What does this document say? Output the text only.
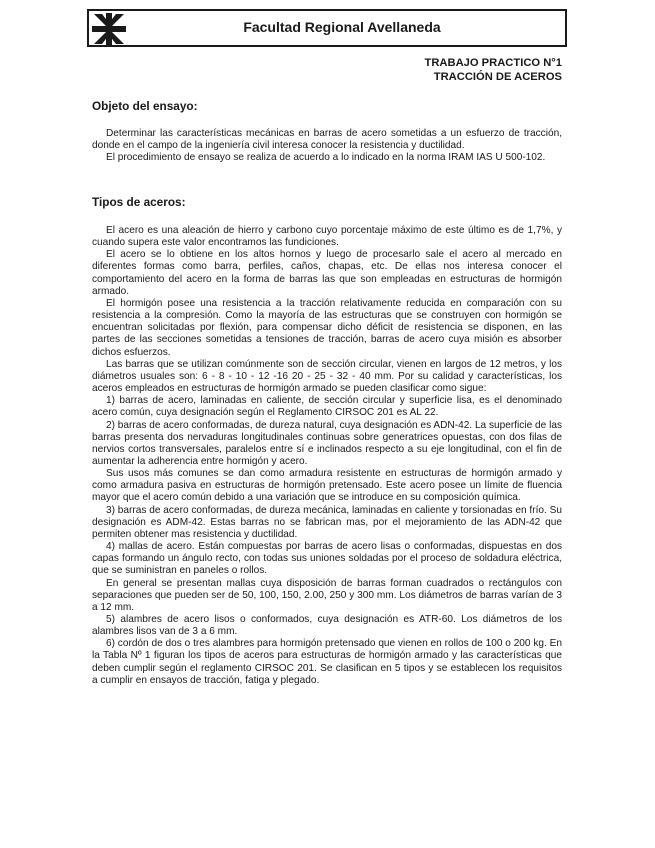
Facultad Regional Avellaneda
TRABAJO PRACTICO N°1
TRACCIÓN DE ACEROS
Objeto del ensayo:

Determinar las características mecánicas en barras de acero sometidas a un esfuerzo de tracción, donde en el campo de la ingeniería civil interesa conocer la resistencia y ductilidad.

El procedimiento de ensayo se realiza de acuerdo a lo indicado en la norma IRAM IAS U 500-102.

Tipos de aceros:

El acero es una aleación de hierro y carbono cuyo porcentaje máximo de este último es de 1,7%, y cuando supera este valor encontramos las fundiciones.

El acero se lo obtiene en los altos hornos y luego de procesarlo sale el acero al mercado en diferentes formas como barra, perfiles, caños, chapas, etc. De ellas nos interesa conocer el comportamiento del acero en la forma de barras las que son empleadas en estructuras de hormigón armado.

El hormigón posee una resistencia a la tracción relativamente reducida en comparación con su resistencia a la compresión. Como la mayoría de las estructuras que se construyen con hormigón se encuentran solicitadas por flexión, para compensar dicho déficit de resistencia se disponen, en las partes de las secciones sometidas a tensiones de tracción, barras de acero cuya misión es absorber dichos esfuerzos.

Las barras que se utilizan comúnmente son de sección circular, vienen en largos de 12 metros, y los diámetros usuales son: 6 - 8 - 10 - 12 -16 20 - 25 - 32 - 40 mm. Por su calidad y características, los aceros empleados en estructuras de hormigón armado se pueden clasificar como sigue:

1) barras de acero, laminadas en caliente, de sección circular y superficie lisa, es el denominado acero común, cuya designación según el Reglamento CIRSOC 201 es AL 22.

2) barras de acero conformadas, de dureza natural, cuya designación es ADN-42. La superficie de las barras presenta dos nervaduras longitudinales continuas sobre generatrices opuestas, con dos filas de nervios cortos transversales, paralelos entre sí e inclinados respecto a su eje longitudinal, con el fin de aumentar la adherencia entre hormigón y acero.

Sus usos más comunes se dan como armadura resistente en estructuras de hormigón armado y como armadura pasiva en estructuras de hormigón pretensado. Este acero posee un límite de fluencia mayor que el acero común debido a una variación que se introduce en su composición química.

3) barras de acero conformadas, de dureza mecánica, laminadas en caliente y torsionadas en frío. Su designación es ADM-42. Estas barras no se fabrican mas, por el mejoramiento de las ADN-42 que permiten obtener mas resistencia y ductilidad.

4) mallas de acero. Están compuestas por barras de acero lisas o conformadas, dispuestas en dos capas formando un ángulo recto, con todas sus uniones soldadas por el proceso de soldadura eléctrica, que se suministran en paneles o rollos.

En general se presentan mallas cuya disposición de barras forman cuadrados o rectángulos con separaciones que pueden ser de 50, 100, 150, 2.00, 250 y 300 mm. Los diámetros de barras varían de 3 a 12 mm.

5) alambres de acero lisos o conformados, cuya designación es ATR-60. Los diámetros de los alambres lisos van de 3 a 6 mm.

6) cordón de dos o tres alambres para hormigón pretensado que vienen en rollos de 100 o 200 kg. En la Tabla Nº 1 figuran los tipos de aceros para estructuras de hormigón armado y las características que deben cumplir según el reglamento CIRSOC 201. Se clasifican en 5 tipos y se establecen los requisitos a cumplir en ensayos de tracción, fatiga y plegado.
